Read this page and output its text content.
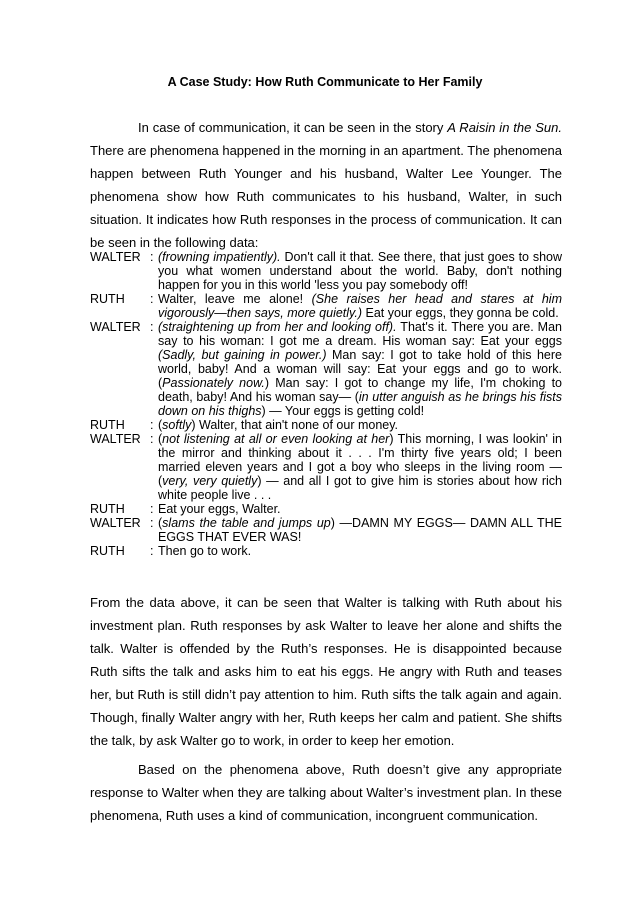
A Case Study: How Ruth Communicate to Her Family

In case of communication, it can be seen in the story A Raisin in the Sun. There are phenomena happened in the morning in an apartment. The phenomena happen between Ruth Younger and his husband, Walter Lee Younger. The phenomena show how Ruth communicates to his husband, Walter, in such situation. It indicates how Ruth responses in the process of communication. It can be seen in the following data:

WALTER : (frowning impatiently). Don't call it that. See there, that just goes to show you what women understand about the world. Baby, don't nothing happen for you in this world 'less you pay somebody off!
RUTH	: Walter, leave me alone! (She raises her head and stares at him vigorously—then says, more quietly.) Eat your eggs, they gonna be cold.
WALTER : (straightening up from her and looking off). That's it. There you are. Man say to his woman: I got me a dream. His woman say: Eat your eggs (Sadly, but gaining in power.) Man say: I got to take hold of this here world, baby! And a woman will say: Eat your eggs and go to work. (Passionately now.) Man say: I got to change my life, I'm choking to death, baby! And his woman say— (in utter anguish as he brings his fists down on his thighs) — Your eggs is getting cold!
RUTH	: (softly) Walter, that ain't none of our money.
WALTER : (not listening at all or even looking at her) This morning, I was lookin' in the mirror and thinking about it . . . I'm thirty five years old; I been married eleven years and I got a boy who sleeps in the living room — (very, very quietly) — and all I got to give him is stories about how rich white people live . . .
RUTH	: Eat your eggs, Walter.
WALTER : (slams the table and jumps up) —DAMN MY EGGS— DAMN ALL THE EGGS THAT EVER WAS!
RUTH	: Then go to work.

From the data above, it can be seen that Walter is talking with Ruth about his investment plan. Ruth responses by ask Walter to leave her alone and shifts the talk. Walter is offended by the Ruth’s responses. He is disappointed because Ruth sifts the talk and asks him to eat his eggs. He angry with Ruth and teases her, but Ruth is still didn’t pay attention to him. Ruth sifts the talk again and again. Though, finally Walter angry with her, Ruth keeps her calm and patient. She shifts the talk, by ask Walter go to work, in order to keep her emotion.

Based on the phenomena above, Ruth doesn’t give any appropriate response to Walter when they are talking about Walter’s investment plan. In these phenomena, Ruth uses a kind of communication, incongruent communication.
